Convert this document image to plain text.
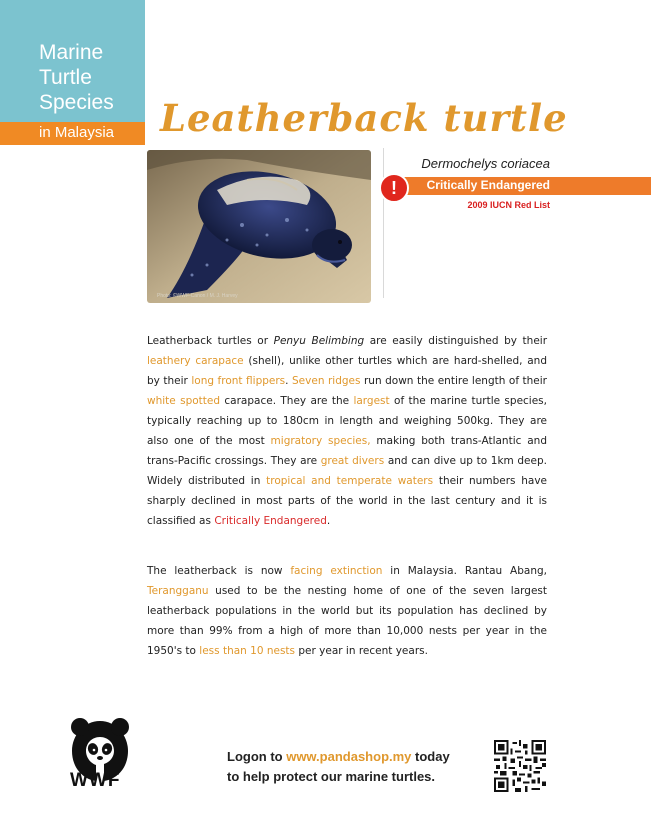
Marine
Turtle
Species
in Malaysia Leatherback turtle
Photo: ©WWF-Canon / M. J. Harvey
Dermochelys coriacea
Critically Endangered
!
2009 IUCN Red List
Leatherback turtles or Penyu Belimbing are easily distinguished by their leathery carapace (shell), unlike other turtles which are hard-shelled, and by their long front flippers. Seven ridges run down the entire length of their white spotted carapace. They are the largest of the marine turtle species, typically reaching up to 180cm in length and weighing 500kg. They are also one of the most migratory species, making both trans-Atlantic and trans-Pacific crossings. They are great divers and can dive up to 1km deep. Widely distributed in tropical and temperate waters their numbers have sharply declined in most parts of the world in the last century and it is classified as Critically Endangered.
The leatherback is now facing extinction in Malaysia. Rantau Abang, Terangganu used to be the nesting home of one of the seven largest leatherback populations in the world but its population has declined by more than 99% from a high of more than 10,000 nests per year in the 1950's to less than 10 nests per year in recent years.
WWF
Logon to www.pandashop.my today
to help protect our marine turtles.
